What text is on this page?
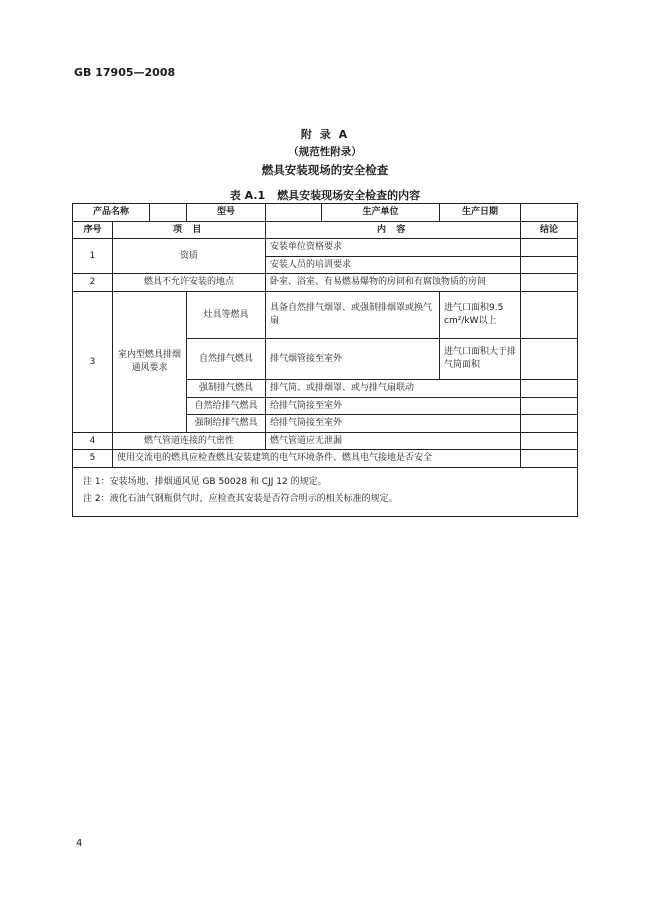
GB 17905—2008
附 录 A
（规范性附录）
燃具安装现场的安全检查
表 A.1 燃具安装现场安全检查的内容
产品名称			型号		生产单位	生产日期	
序号	项 目			内 容			结论
1	资质			安装单位资格要求			
				安装人员的培训要求			
2	燃具不允许安装的地点			卧室、浴室、有易燃易爆物的房间和有腐蚀物质的房间			
3	室内型燃具排烟通风要求		灶具等燃具	具备自然排气烟罩、或强制排烟罩或换气扇		进气口面积9.5 cm²/kW以上	
			自然排气燃具	排气烟管接至室外		进气口面积大于排气筒面积	
			强制排气燃具	排气筒、或排烟罩、或与排气扇联动			
			自然给排气燃具	给排气筒接至室外			
			强制给排气燃具	给排气筒接至室外			
4	燃气管道连接的气密性			燃气管道应无泄漏			
5	使用交流电的燃具应检查燃具安装建筑的电气环境条件、燃具电气接地是否安全						

注 1：安装场地、排烟通风见 GB 50028 和 CJJ 12 的规定。
注 2：液化石油气钢瓶供气时，应检查其安装是否符合明示的相关标准的规定。							
4
